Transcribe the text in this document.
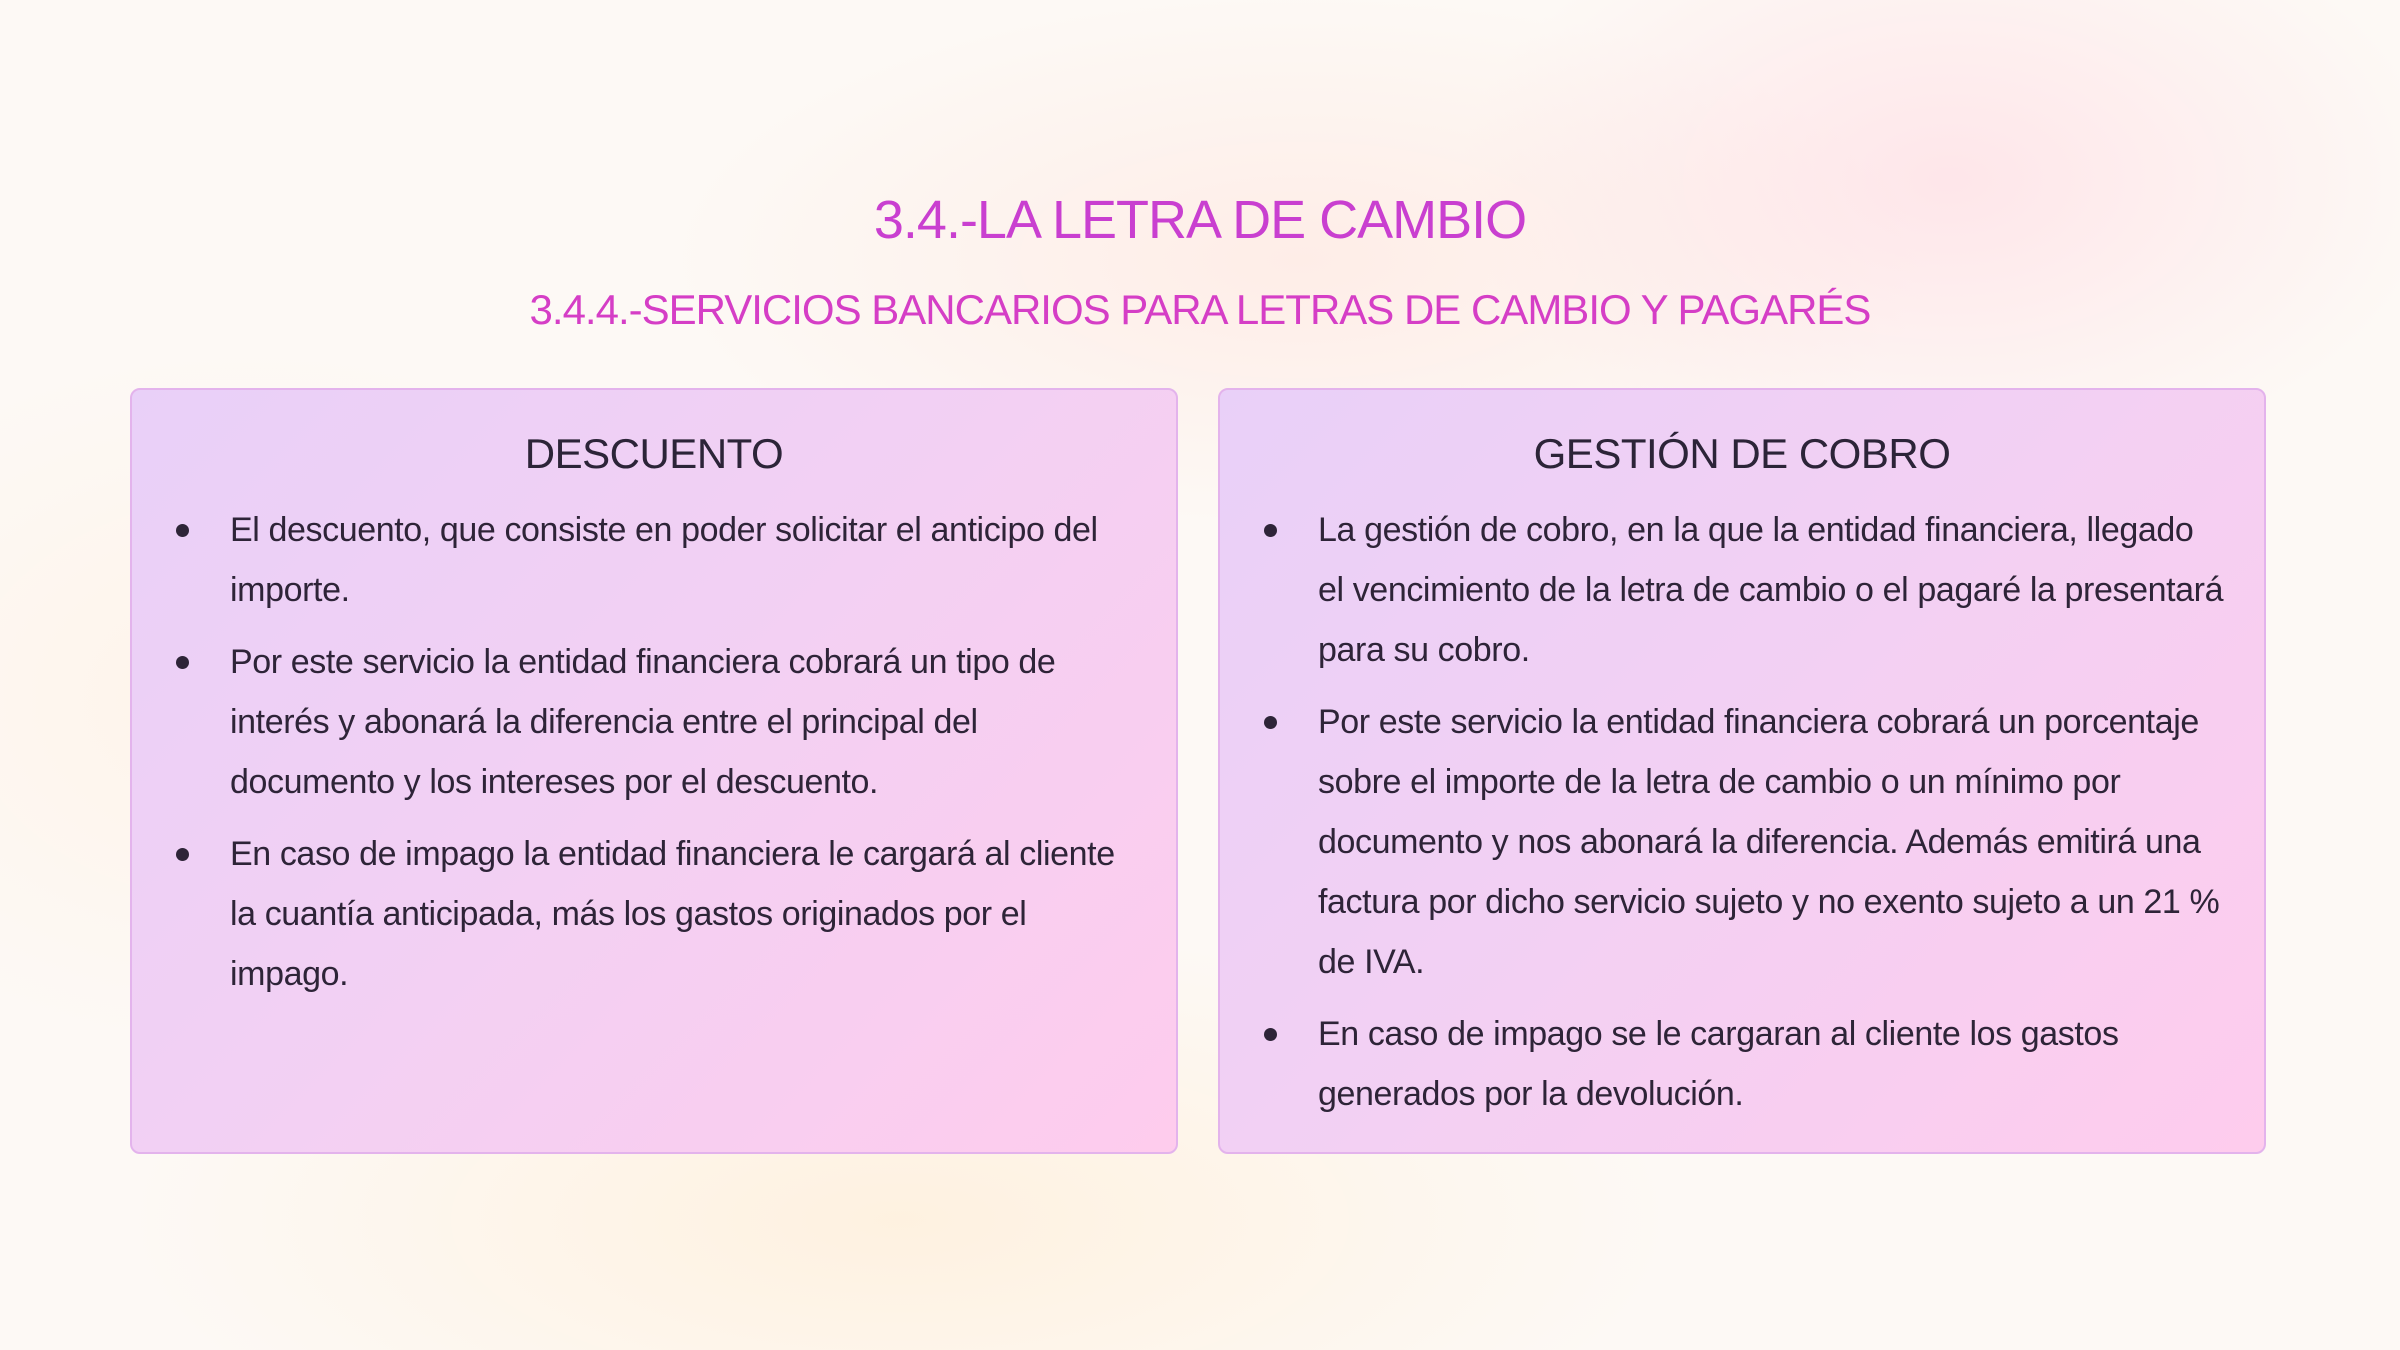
3.4.-LA LETRA DE CAMBIO
3.4.4.-SERVICIOS BANCARIOS PARA LETRAS DE CAMBIO Y PAGARÉS
DESCUENTO
El descuento, que consiste en poder solicitar el anticipo del importe.
Por este servicio la entidad financiera cobrará un tipo de interés y abonará la diferencia entre el principal del documento y los intereses por el descuento.
En caso de impago la entidad financiera le cargará al cliente la cuantía anticipada, más los gastos originados por el impago.
GESTIÓN DE COBRO
La gestión de cobro, en la que la entidad financiera, llegado el vencimiento de la letra de cambio o el pagaré la presentará para su cobro.
Por este servicio la entidad financiera cobrará un porcentaje sobre el importe de la letra de cambio o un mínimo por documento y nos abonará la diferencia. Además emitirá una factura por dicho servicio sujeto y no exento sujeto a un 21 % de IVA.
En caso de impago se le cargaran al cliente los gastos generados por la devolución.
